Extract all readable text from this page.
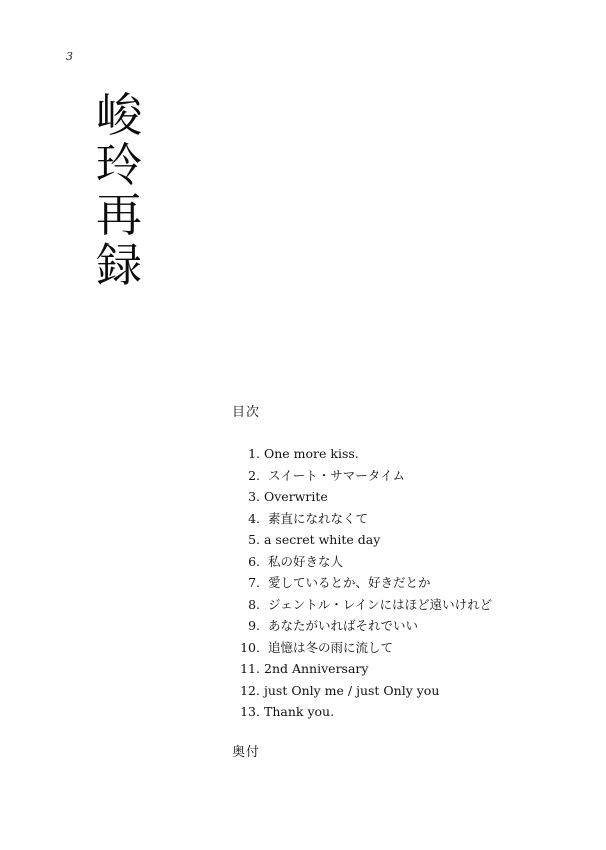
3
峻
玲
再
録
目次
1. One more kiss.
2. スイート・サマータイム
3. Overwrite
4. 素直になれなくて
5. a secret white day
6. 私の好きな人
7. 愛しているとか、好きだとか
8. ジェントル・レインにはほど遠いけれど
9. あなたがいればそれでいい
10. 追憶は冬の雨に流して
11. 2nd Anniversary
12. just Only me / just Only you
13. Thank you.
奥付
